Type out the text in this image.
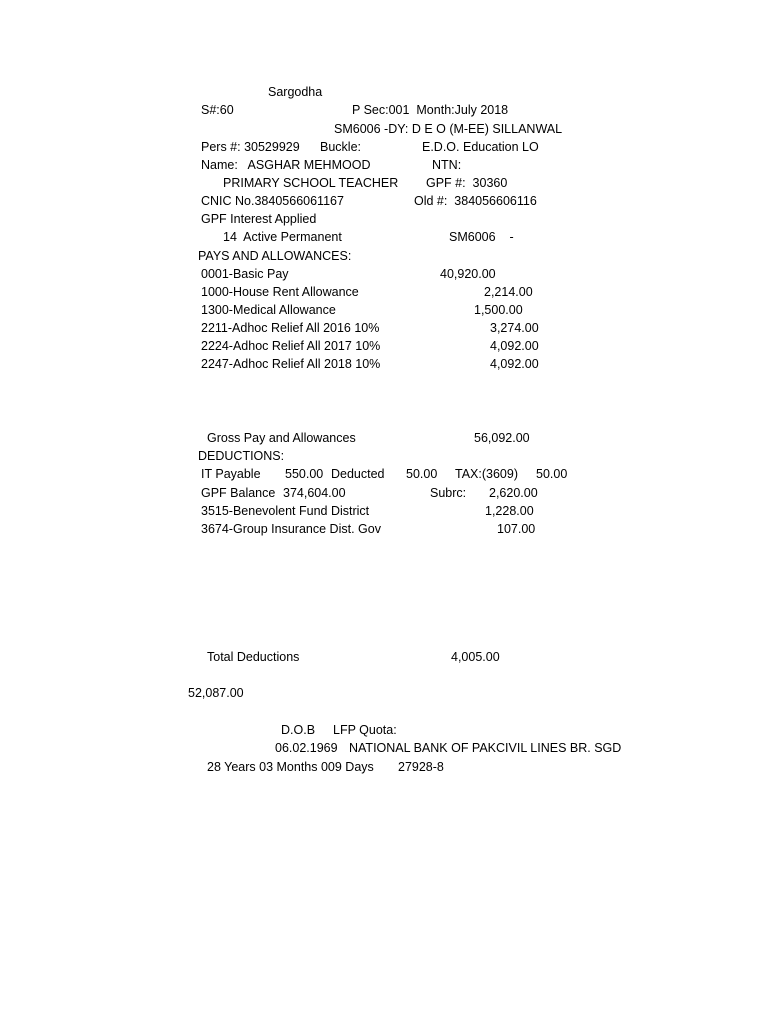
Sargodha
S#:60	P Sec:001  Month:July 2018
SM6006 -DY: D E O (M-EE) SILLANWAL
Pers #: 30529929 Buckle:	E.D.O. Education LO
Name:   ASGHAR MEHMOOD	NTN:
PRIMARY SCHOOL TEACHER GPF #:  30360
CNIC No.3840566061167	Old #:  384056606116
GPF Interest Applied
14  Active Permanent	SM6006    -
PAYS AND ALLOWANCES:
0001-Basic Pay	40,920.00
1000-House Rent Allowance	2,214.00
1300-Medical Allowance	1,500.00
2211-Adhoc Relief All 2016 10%	3,274.00
2224-Adhoc Relief All 2017 10%	4,092.00
2247-Adhoc Relief All 2018 10%	4,092.00
Gross Pay and Allowances	56,092.00
DEDUCTIONS:
IT Payable 550.00 Deducted 50.00 TAX:(3609) 50.00
GPF Balance 374,604.00	Subrc: 2,620.00
3515-Benevolent Fund District	1,228.00
3674-Group Insurance Dist. Gov	107.00
Total Deductions	4,005.00
52,087.00
D.O.B LFP Quota:
06.02.1969 NATIONAL BANK OF PAKCIVIL LINES BR. SGD
28 Years 03 Months 009 Days 27928-8
